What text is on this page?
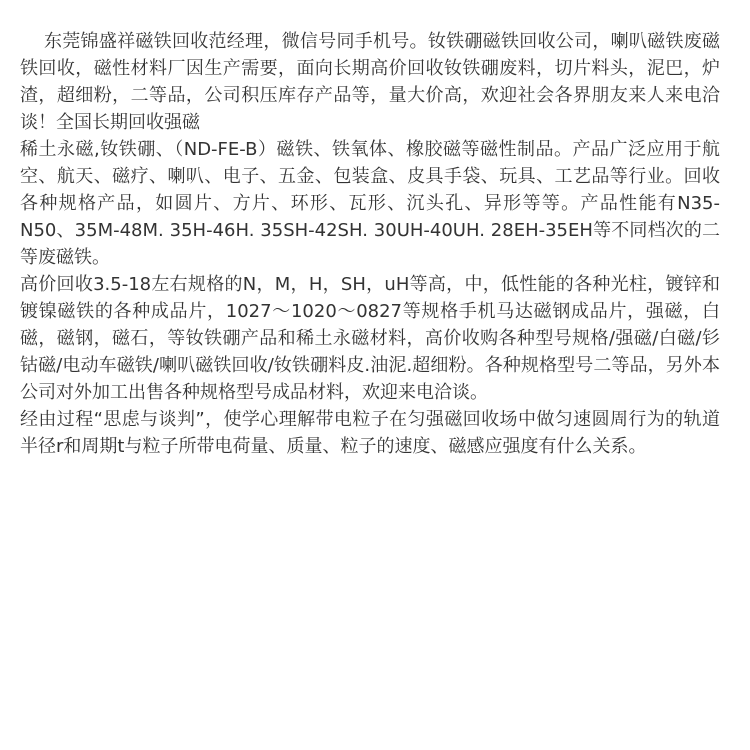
东莞锦盛祥磁铁回收范经理，微信号同手机号。钕铁硼磁铁回收公司，喇叭磁铁废磁铁回收，磁性材料厂因生产需要，面向长期高价回收钕铁硼废料，切片料头，泥巴，炉渣，超细粉，二等品，公司积压库存产品等，量大价高，欢迎社会各界朋友来人来电洽谈！全国长期回收强磁

稀土永磁,钕铁硼、（ND-FE-B）磁铁、铁氧体、橡胶磁等磁性制品。产品广泛应用于航空、航天、磁疗、喇叭、电子、五金、包装盒、皮具手袋、玩具、工艺品等行业。回收各种规格产品，如圆片、方片、环形、瓦形、沉头孔、异形等等。产品性能有N35-N50、35M-48M. 35H-46H. 35SH-42SH. 30UH-40UH. 28EH-35EH等不同档次的二等废磁铁。

高价回收3.5-18左右规格的N，M，H，SH，uH等高，中，低性能的各种光柱，镀锌和镀镍磁铁的各种成品片，1027～1020～0827等规格手机马达磁钢成品片，强磁，白磁，磁钢，磁石，等钕铁硼产品和稀土永磁材料，高价收购各种型号规格/强磁/白磁/钐钴磁/电动车磁铁/喇叭磁铁回收/钕铁硼料皮.油泥.超细粉。各种规格型号二等品，另外本公司对外加工出售各种规格型号成品材料，欢迎来电洽谈。

经由过程“思虑与谈判”，使学心理解带电粒子在匀强磁回收场中做匀速圆周行为的轨道半径r和周期t与粒子所带电荷量、质量、粒子的速度、磁感应强度有什么关系。
